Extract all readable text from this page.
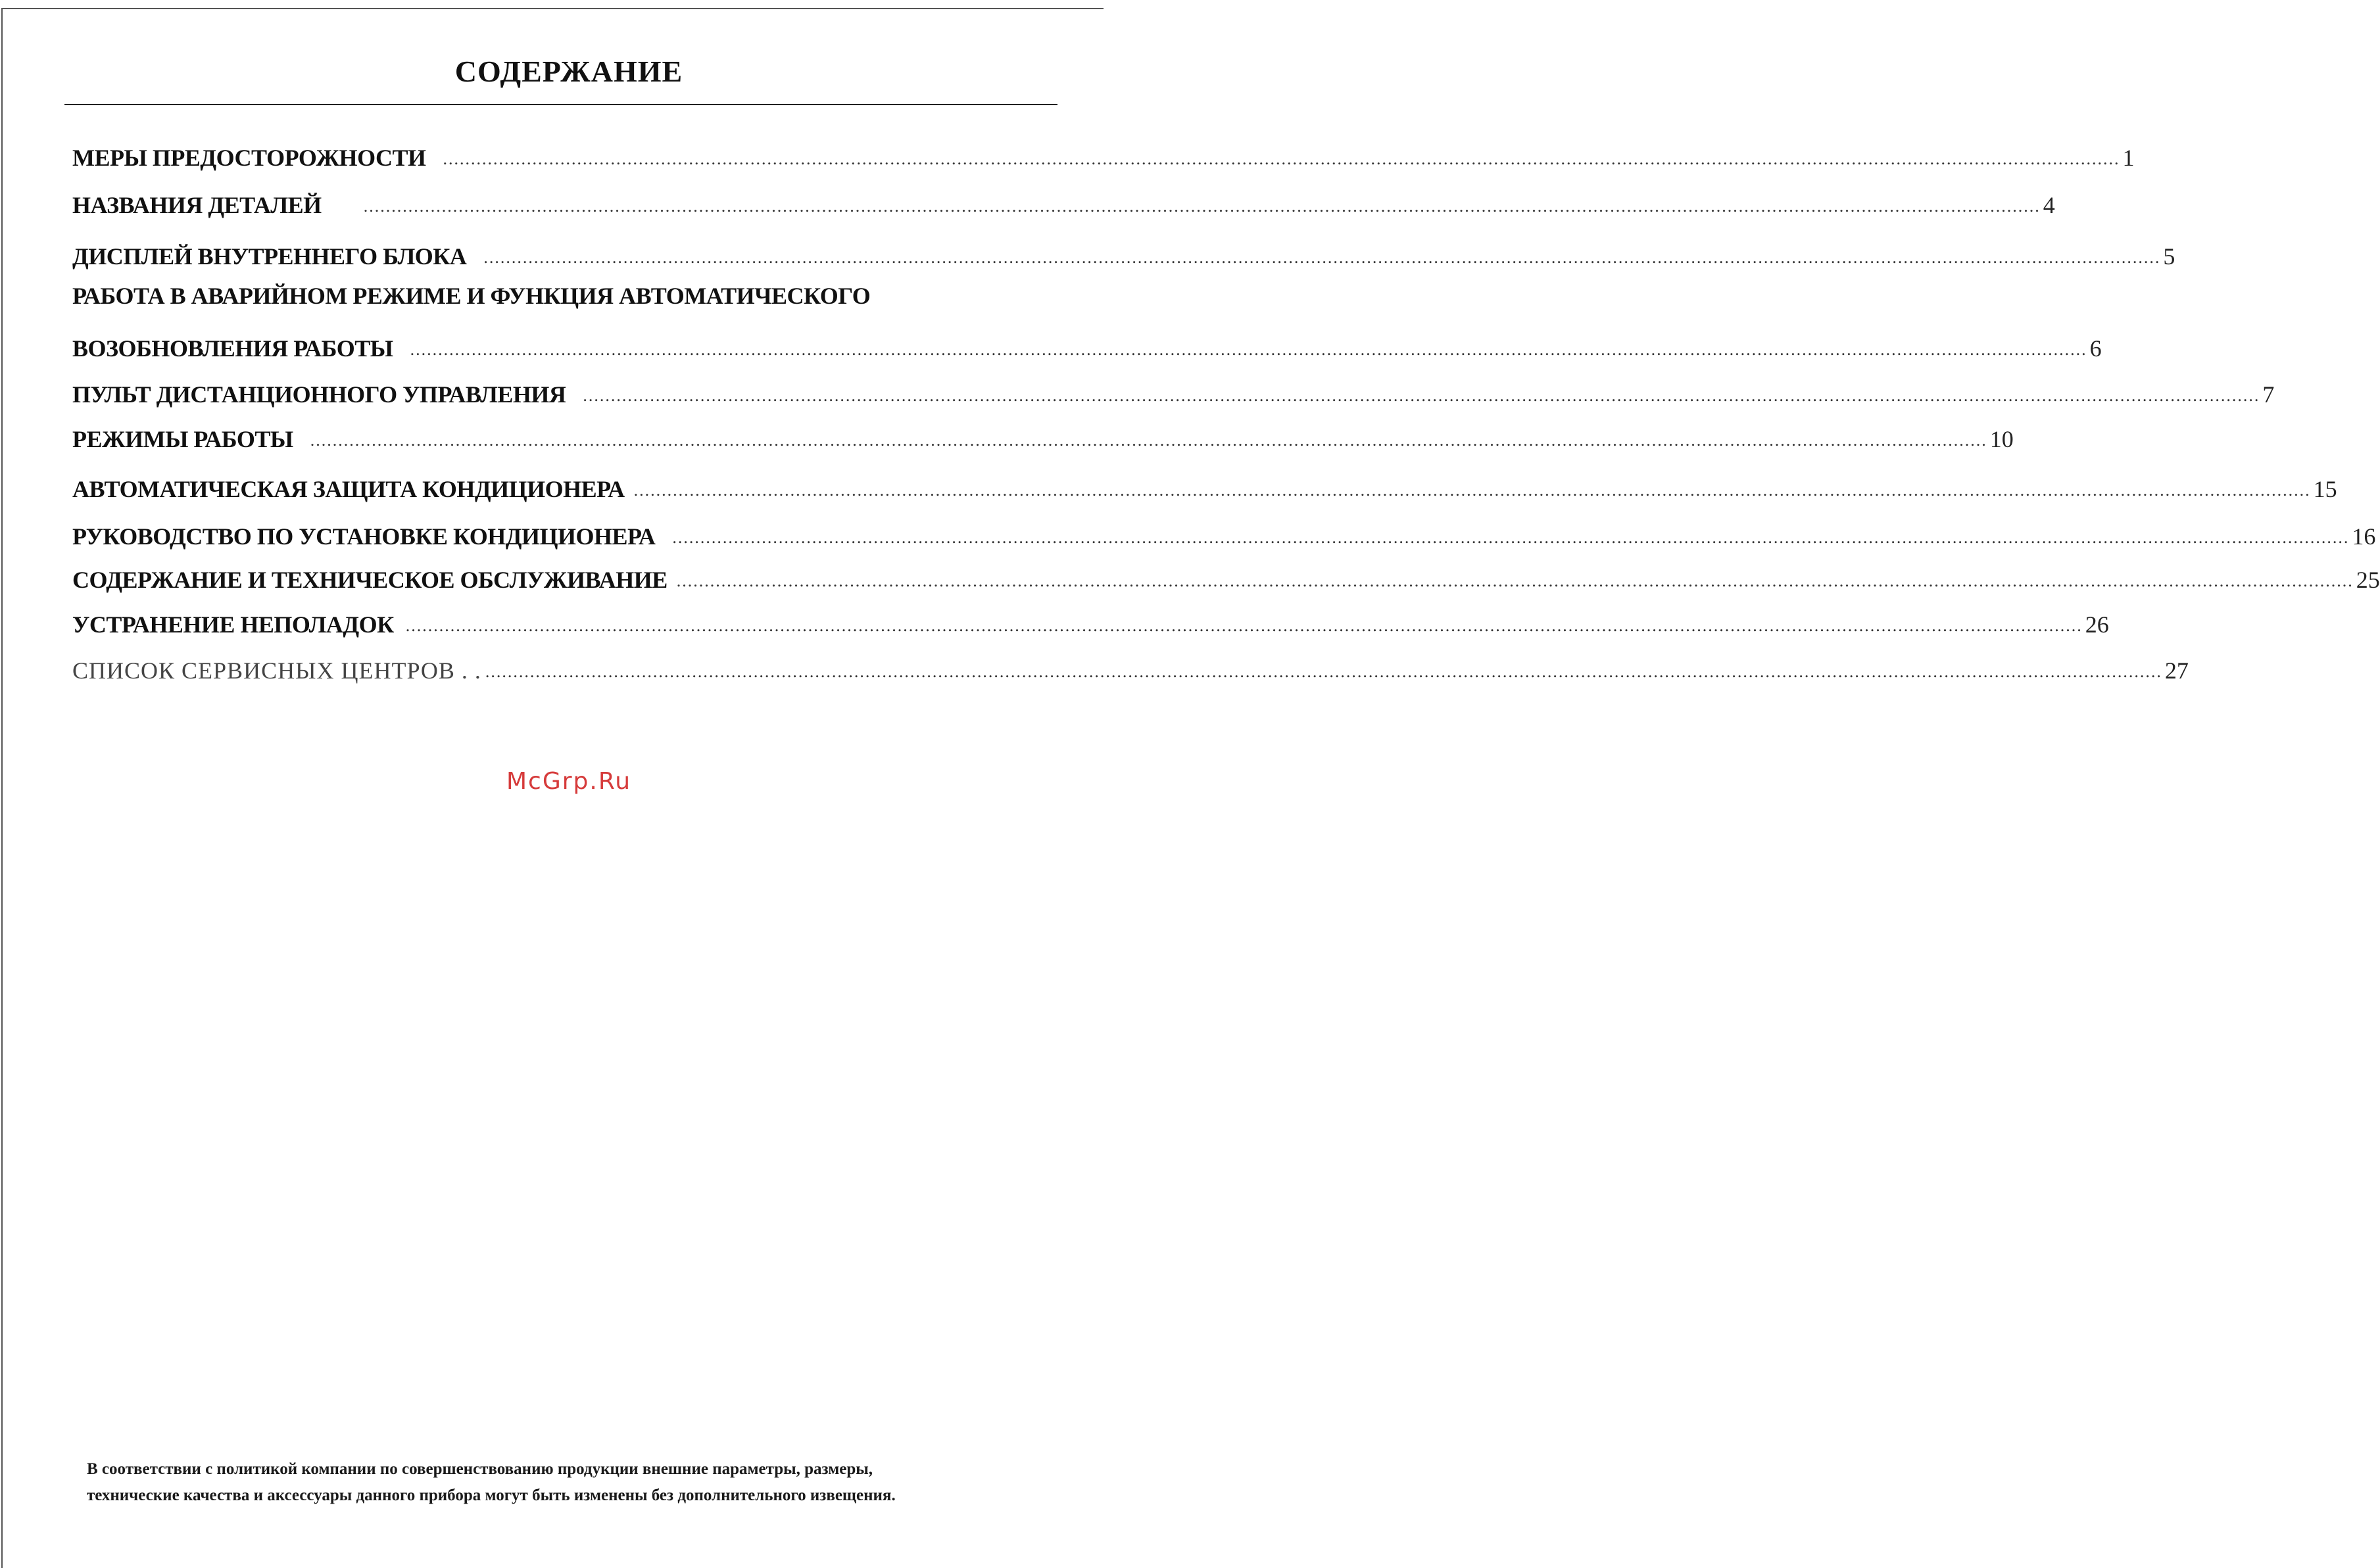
СОДЕРЖАНИЕ
МЕРЫ ПРЕДОСТОРОЖНОСТИ ............................................................................................................................................................................................................................................................................................................ 1
НАЗВАНИЯ ДЕТАЛЕЙ ............................................................................................................................................................................................................................................................................................................ 4
ДИСПЛЕЙ ВНУТРЕННЕГО БЛОКА ............................................................................................................................................................................................................................................................................................................ 5
РАБОТА В АВАРИЙНОМ РЕЖИМЕ И ФУНКЦИЯ АВТОМАТИЧЕСКОГО
ВОЗОБНОВЛЕНИЯ РАБОТЫ ............................................................................................................................................................................................................................................................................................................ 6
ПУЛЬТ ДИСТАНЦИОННОГО УПРАВЛЕНИЯ ............................................................................................................................................................................................................................................................................................................ 7
РЕЖИМЫ РАБОТЫ ............................................................................................................................................................................................................................................................................................................ 10
АВТОМАТИЧЕСКАЯ ЗАЩИТА КОНДИЦИОНЕРА ............................................................................................................................................................................................................................................................................................................ 15
РУКОВОДСТВО ПО УСТАНОВКЕ КОНДИЦИОНЕРА ............................................................................................................................................................................................................................................................................................................ 16
СОДЕРЖАНИЕ И ТЕХНИЧЕСКОЕ ОБСЛУЖИВАНИЕ ............................................................................................................................................................................................................................................................................................................ 25
УСТРАНЕНИЕ НЕПОЛАДОК ............................................................................................................................................................................................................................................................................................................ 26
СПИСОК СЕРВИСНЫХ ЦЕНТРОВ . . ............................................................................................................................................................................................................................................................................................................ 27
McGrp.Ru
В соответствии с политикой компании по совершенствованию продукции внешние параметры, размеры,
технические качества и аксессуары данного прибора могут быть изменены без дополнительного извещения.
